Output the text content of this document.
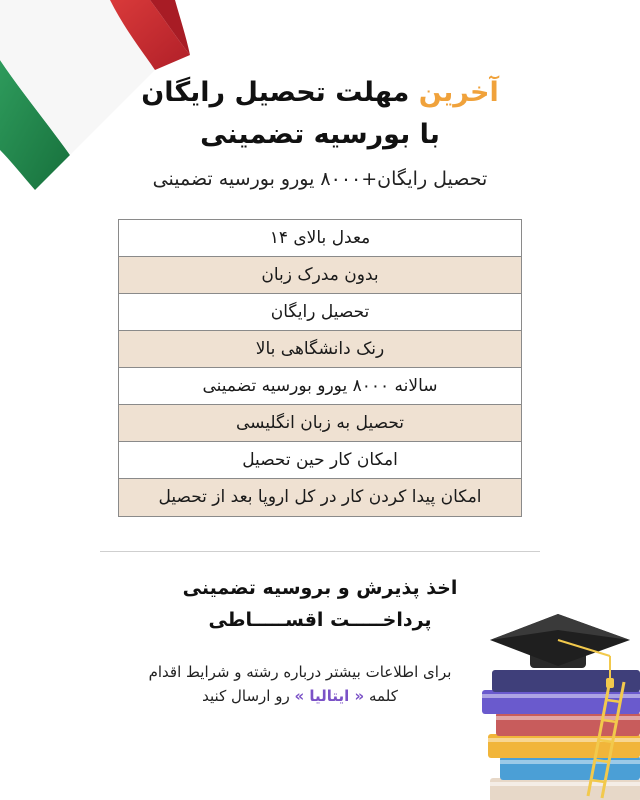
آخرین مهلت تحصیل رایگان
با بورسیه تضمینی
تحصیل رایگان+۸۰۰۰ یورو بورسیه تضمینی
معدل بالای ۱۴
بدون مدرک زبان
تحصیل رایگان
رنک دانشگاهی بالا
سالانه ۸۰۰۰ یورو بورسیه تضمینی
تحصیل به زبان انگلیسی
امکان کار حین تحصیل
امکان پیدا کردن کار در کل اروپا بعد از تحصیل
اخذ پذیرش و بروسیه تضمینی
پرداخـــــت اقســـــاطی
برای اطلاعات بیشتر درباره رشته و شرایط اقدام
کلمه « ایتالیا » رو ارسال کنید
